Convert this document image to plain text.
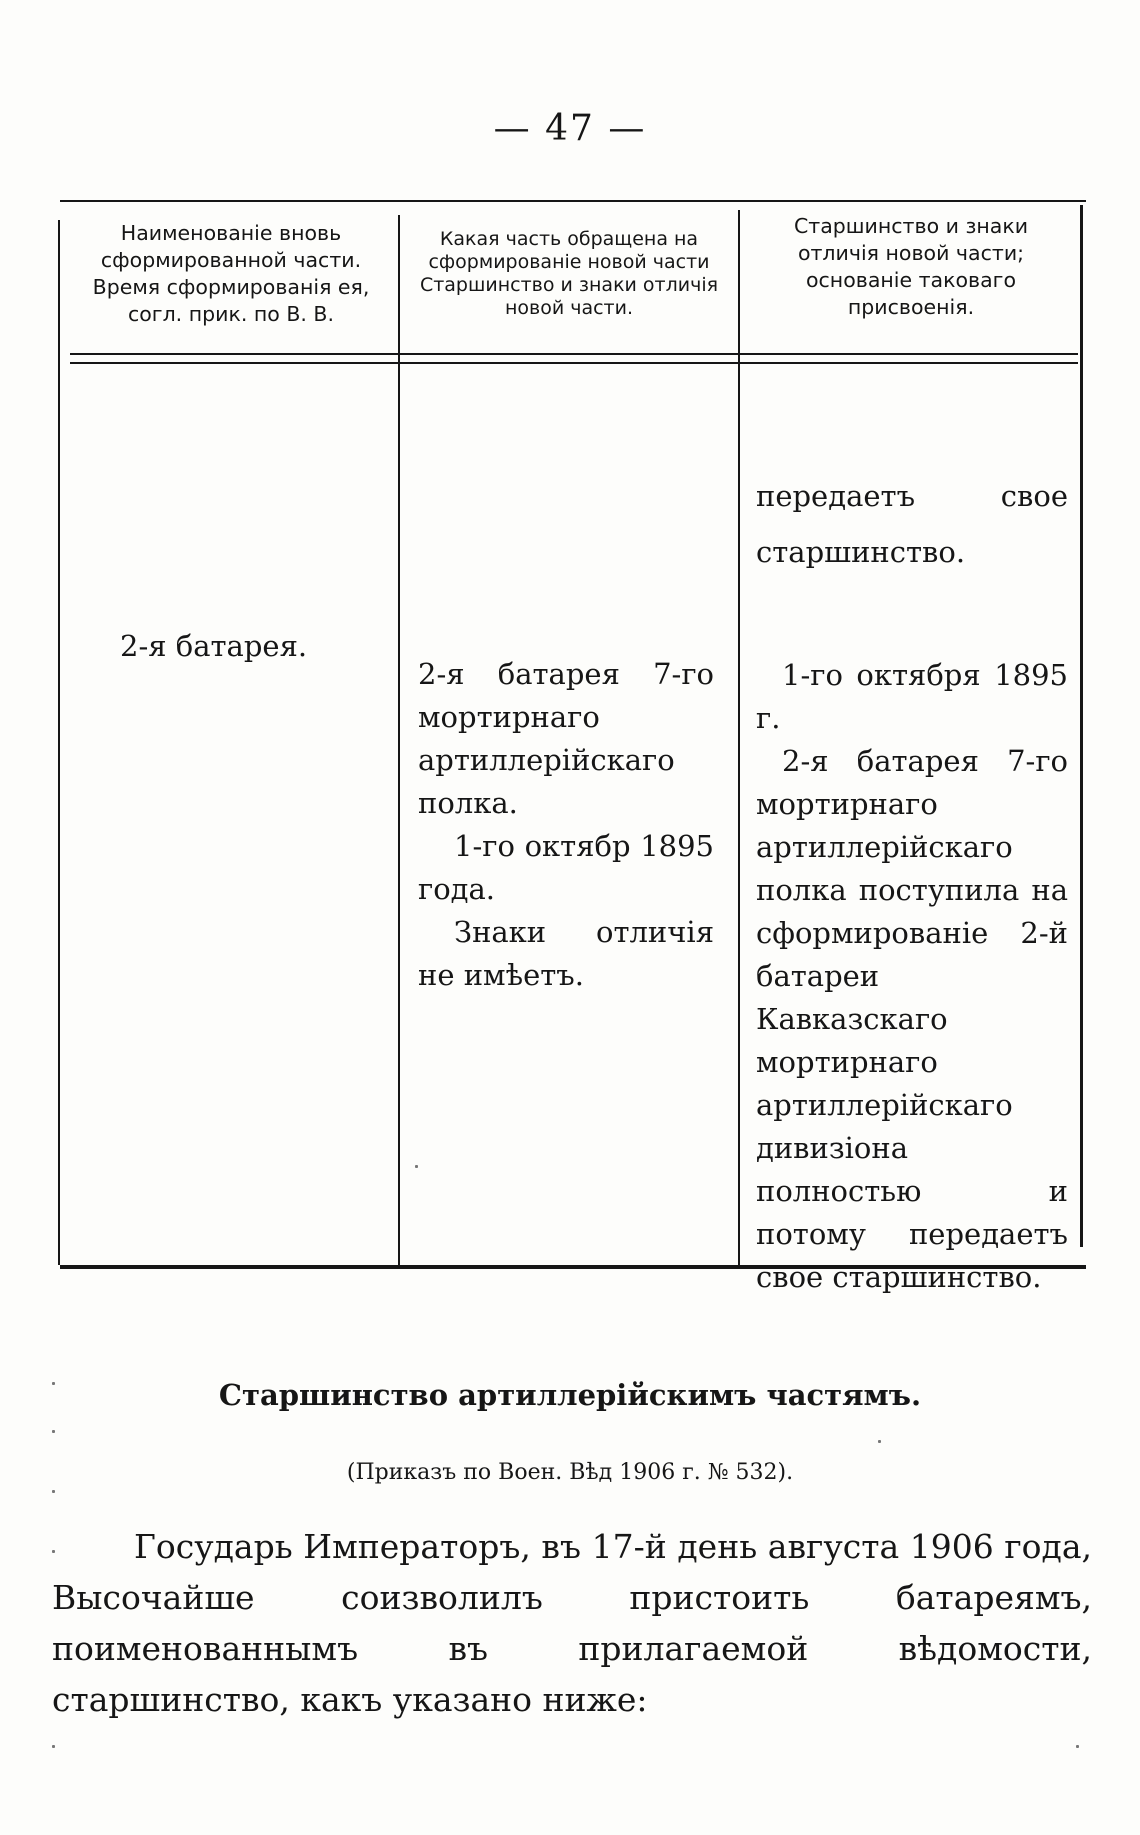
— 47 —
Наименованіе вновь сформированной части. Время сформированія ея, согл. прик. по В. В.
Какая часть обращена на сформированіе новой части Старшинство и знаки отличія новой части.
Старшинство и знаки отличія новой части; основаніе таковаго присвоенія.
2-я батарея.

2-я батарея 7-го мортирнаго артиллерійскаго полка.

1-го октябр 1895 года.

Знаки отличія не имѣетъ.

передаетъ свое старшинство.

1-го октября 1895 г.

2-я батарея 7-го мортирнаго артиллерійскаго полка поступила на сформированіе 2-й батареи Кавказскаго мортирнаго артиллерійскаго дивизіона полностью и потому передаетъ свое старшинство.

Старшинство артиллерійскимъ частямъ.
(Приказъ по Воен. Вѣд 1906 г. № 532).
Государь Императоръ, въ 17-й день августа 1906 года, Высочайше соизволилъ пристоить батареямъ, поименованнымъ въ прилагаемой вѣдомости, старшинство, какъ указано ниже:
